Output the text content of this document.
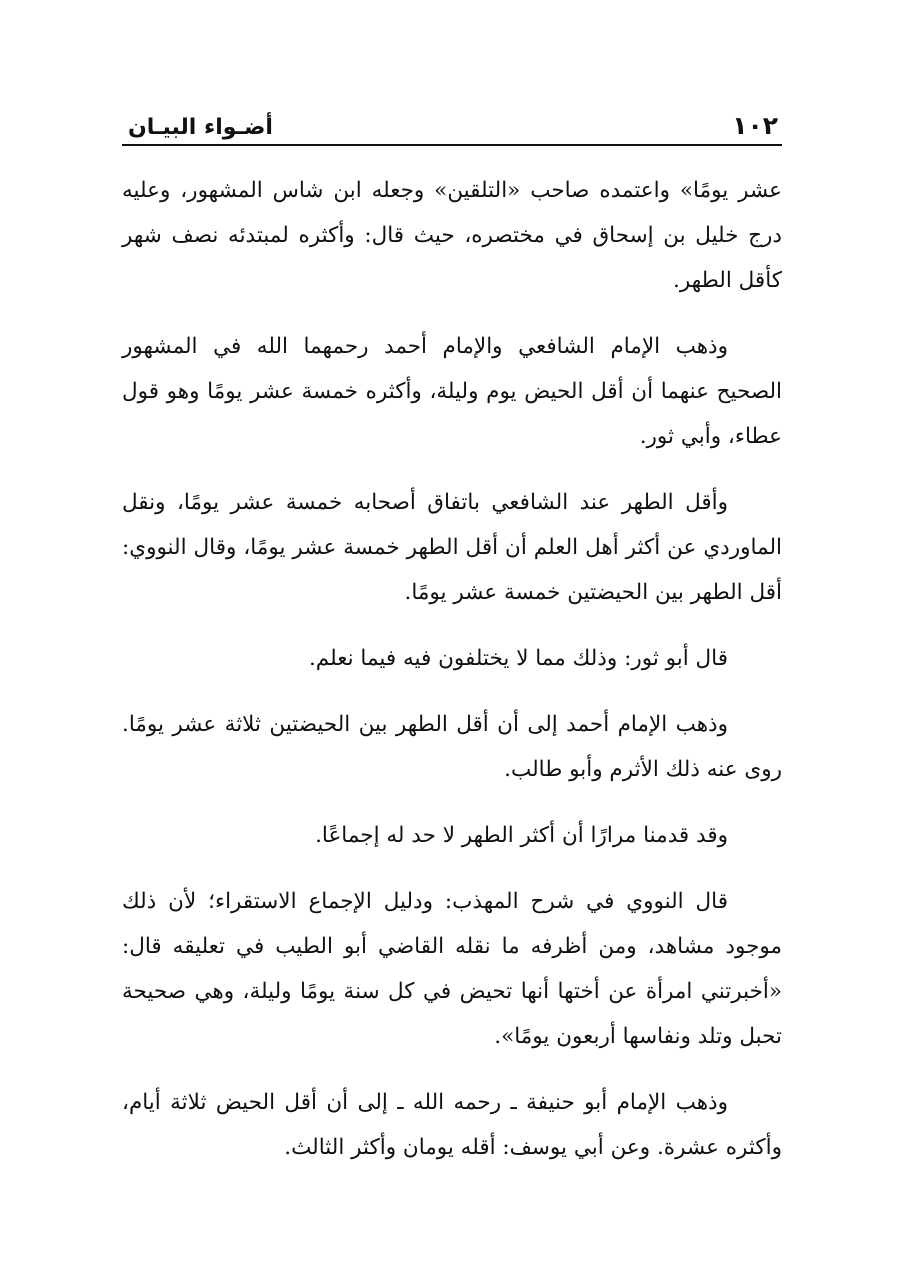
١٠٢
أضـواء البيـان

عشر يومًا» واعتمده صاحب «التلقين» وجعله ابن شاس المشهور، وعليه درج خليل بن إسحاق في مختصره، حيث قال: وأكثره لمبتدئه نصف شهر كأقل الطهر.

وذهب الإمام الشافعي والإمام أحمد رحمهما الله في المشهور الصحيح عنهما أن أقل الحيض يوم وليلة، وأكثره خمسة عشر يومًا وهو قول عطاء، وأبي ثور.

وأقل الطهر عند الشافعي باتفاق أصحابه خمسة عشر يومًا، ونقل الماوردي عن أكثر أهل العلم أن أقل الطهر خمسة عشر يومًا، وقال النووي: أقل الطهر بين الحيضتين خمسة عشر يومًا.

قال أبو ثور: وذلك مما لا يختلفون فيه فيما نعلم.

وذهب الإمام أحمد إلى أن أقل الطهر بين الحيضتين ثلاثة عشر يومًا. روى عنه ذلك الأثرم وأبو طالب.

وقد قدمنا مرارًا أن أكثر الطهر لا حد له إجماعًا.

قال النووي في شرح المهذب: ودليل الإجماع الاستقراء؛ لأن ذلك موجود مشاهد، ومن أظرفه ما نقله القاضي أبو الطيب في تعليقه قال: «أخبرتني امرأة عن أختها أنها تحيض في كل سنة يومًا وليلة، وهي صحيحة تحبل وتلد ونفاسها أربعون يومًا».

وذهب الإمام أبو حنيفة ـ رحمه الله ـ إلى أن أقل الحيض ثلاثة أيام، وأكثره عشرة. وعن أبي يوسف: أقله يومان وأكثر الثالث.
